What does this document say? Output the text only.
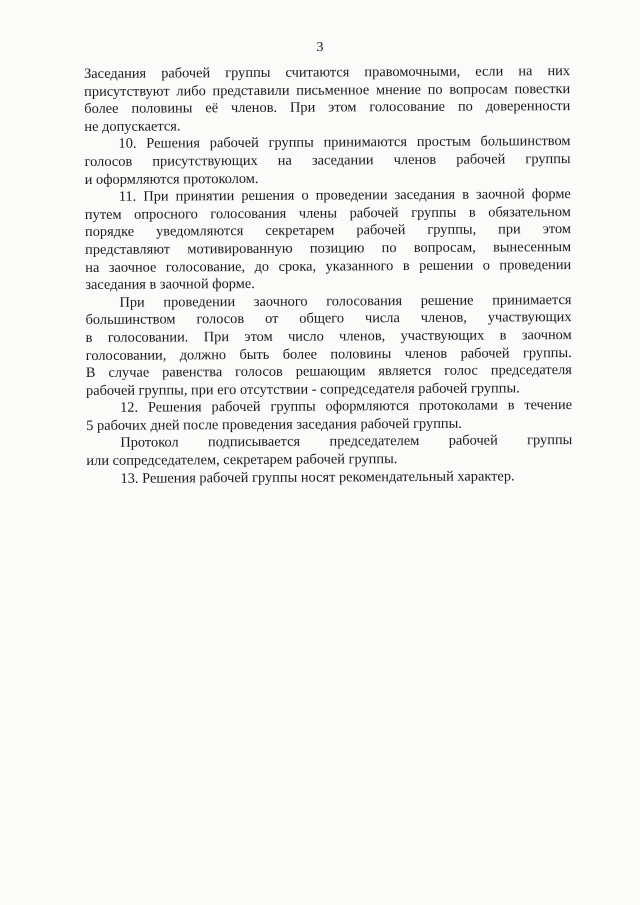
3
Заседания рабочей группы считаются правомочными, если на них
присутствуют либо представили письменное мнение по вопросам повестки
более половины её членов. При этом голосование по доверенности
не допускается.
10. Решения рабочей группы принимаются простым большинством
голосов присутствующих на заседании членов рабочей группы
и оформляются протоколом.
11. При принятии решения о проведении заседания в заочной форме
путем опросного голосования члены рабочей группы в обязательном
порядке уведомляются секретарем рабочей группы, при этом
представляют мотивированную позицию по вопросам, вынесенным
на заочное голосование, до срока, указанного в решении о проведении
заседания в заочной форме.
При проведении заочного голосования решение принимается
большинством голосов от общего числа членов, участвующих
в голосовании. При этом число членов, участвующих в заочном
голосовании, должно быть более половины членов рабочей группы.
В случае равенства голосов решающим является голос председателя
рабочей группы, при его отсутствии - сопредседателя рабочей группы.
12. Решения рабочей группы оформляются протоколами в течение
5 рабочих дней после проведения заседания рабочей группы.
Протокол подписывается председателем рабочей группы
или сопредседателем, секретарем рабочей группы.
13. Решения рабочей группы носят рекомендательный характер.
